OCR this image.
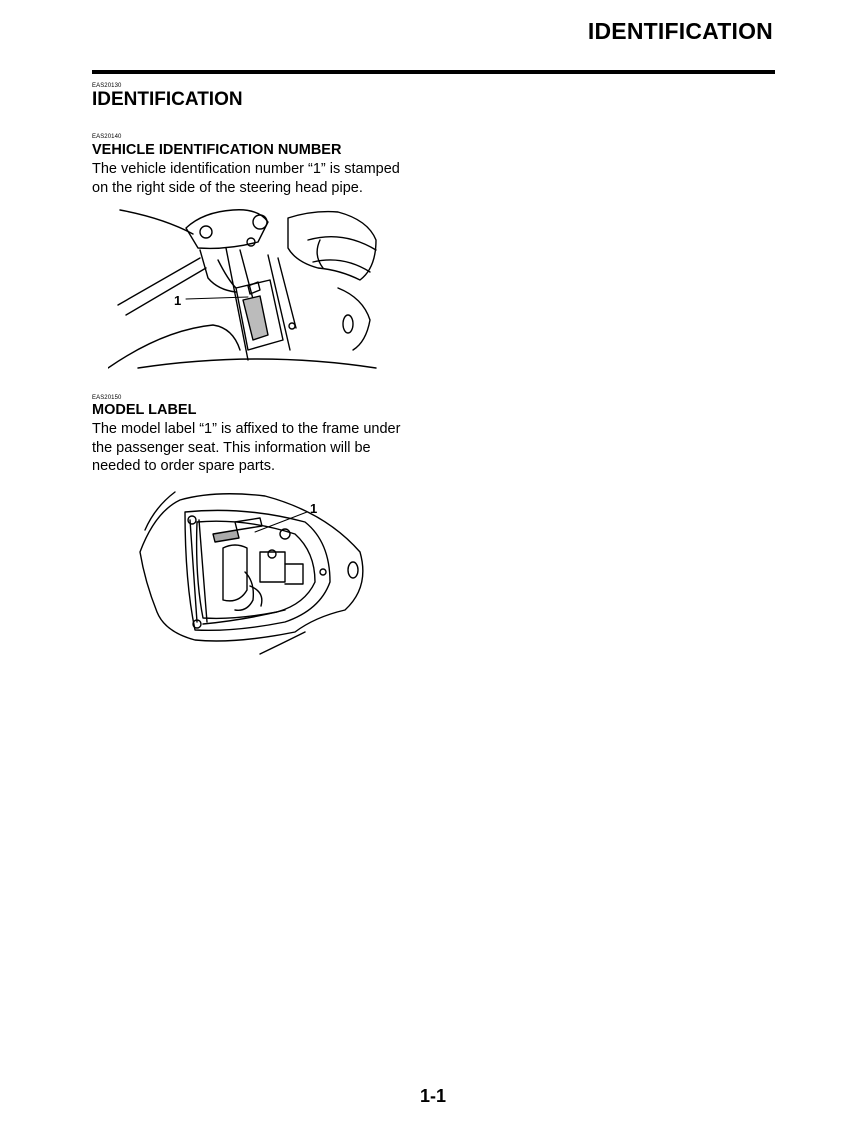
IDENTIFICATION
EAS20130
IDENTIFICATION
EAS20140
VEHICLE IDENTIFICATION NUMBER
The vehicle identification number “1” is stamped
on the right side of the steering head pipe.
1
EAS20150
MODEL LABEL
The model label “1” is affixed to the frame under
the passenger seat. This information will be
needed to order spare parts.
1
1-1
